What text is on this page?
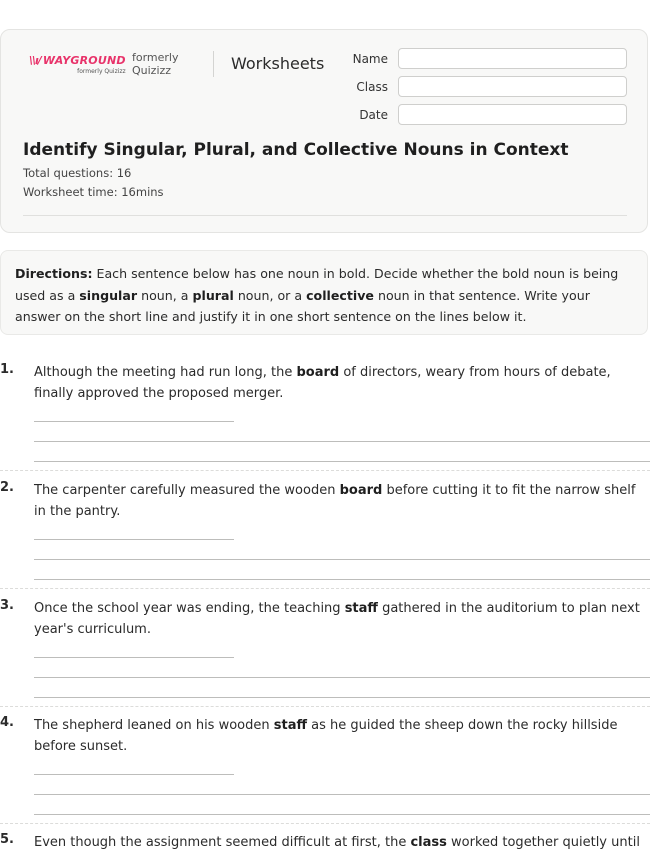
\\ı/ WAYGROUND
formerly Quizizz
formerly
Quizizz	Worksheets	Name
Class
Date
Identify Singular, Plural, and Collective Nouns in Context
Total questions: 16
Worksheet time: 16mins
Directions: Each sentence below has one noun in bold. Decide whether the bold noun is being used as a singular noun, a plural noun, or a collective noun in that sentence. Write your answer on the short line and justify it in one short sentence on the lines below it.
1. Although the meeting had run long, the board of directors, weary from hours of debate, finally approved the proposed merger.
2. The carpenter carefully measured the wooden board before cutting it to fit the narrow shelf in the pantry.
3. Once the school year was ending, the teaching staff gathered in the auditorium to plan next year's curriculum.
4. The shepherd leaned on his wooden staff as he guided the sheep down the rocky hillside before sunset.
5. Even though the assignment seemed difficult at first, the class worked together quietly until
